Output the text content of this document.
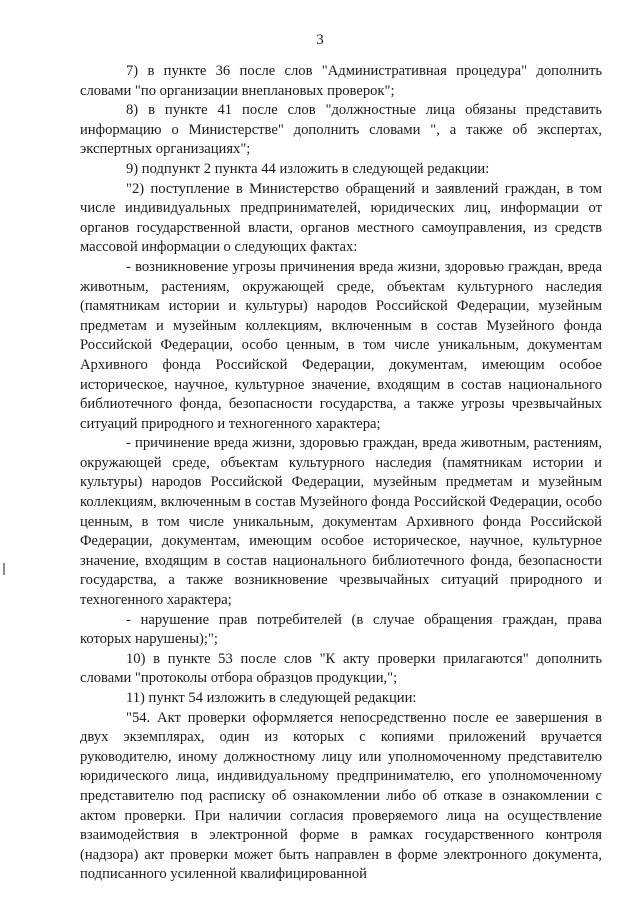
3

7) в пункте 36 после слов "Административная процедура" дополнить словами "по организации внеплановых проверок";

8) в пункте 41 после слов "должностные лица обязаны представить информацию о Министерстве" дополнить словами ", а также об экспертах, экспертных организациях";

9) подпункт 2 пункта 44 изложить в следующей редакции:

"2) поступление в Министерство обращений и заявлений граждан, в том числе индивидуальных предпринимателей, юридических лиц, информации от органов государственной власти, органов местного самоуправления, из средств массовой информации о следующих фактах:

- возникновение угрозы причинения вреда жизни, здоровью граждан, вреда животным, растениям, окружающей среде, объектам культурного наследия (памятникам истории и культуры) народов Российской Федерации, музейным предметам и музейным коллекциям, включенным в состав Музейного фонда Российской Федерации, особо ценным, в том числе уникальным, документам Архивного фонда Российской Федерации, документам, имеющим особое историческое, научное, культурное значение, входящим в состав национального библиотечного фонда, безопасности государства, а также угрозы чрезвычайных ситуаций природного и техногенного характера;

- причинение вреда жизни, здоровью граждан, вреда животным, растениям, окружающей среде, объектам культурного наследия (памятникам истории и культуры) народов Российской Федерации, музейным предметам и музейным коллекциям, включенным в состав Музейного фонда Российской Федерации, особо ценным, в том числе уникальным, документам Архивного фонда Российской Федерации, документам, имеющим особое историческое, научное, культурное значение, входящим в состав национального библиотечного фонда, безопасности государства, а также возникновение чрезвычайных ситуаций природного и техногенного характера;

- нарушение прав потребителей (в случае обращения граждан, права которых нарушены);";

10) в пункте 53 после слов "К акту проверки прилагаются" дополнить словами "протоколы отбора образцов продукции,";

11) пункт 54 изложить в следующей редакции:

"54. Акт проверки оформляется непосредственно после ее завершения в двух экземплярах, один из которых с копиями приложений вручается руководителю, иному должностному лицу или уполномоченному представителю юридического лица, индивидуальному предпринимателю, его уполномоченному представителю под расписку об ознакомлении либо об отказе в ознакомлении с актом проверки. При наличии согласия проверяемого лица на осуществление взаимодействия в электронной форме в рамках государственного контроля (надзора) акт проверки может быть направлен в форме электронного документа, подписанного усиленной квалифицированной
